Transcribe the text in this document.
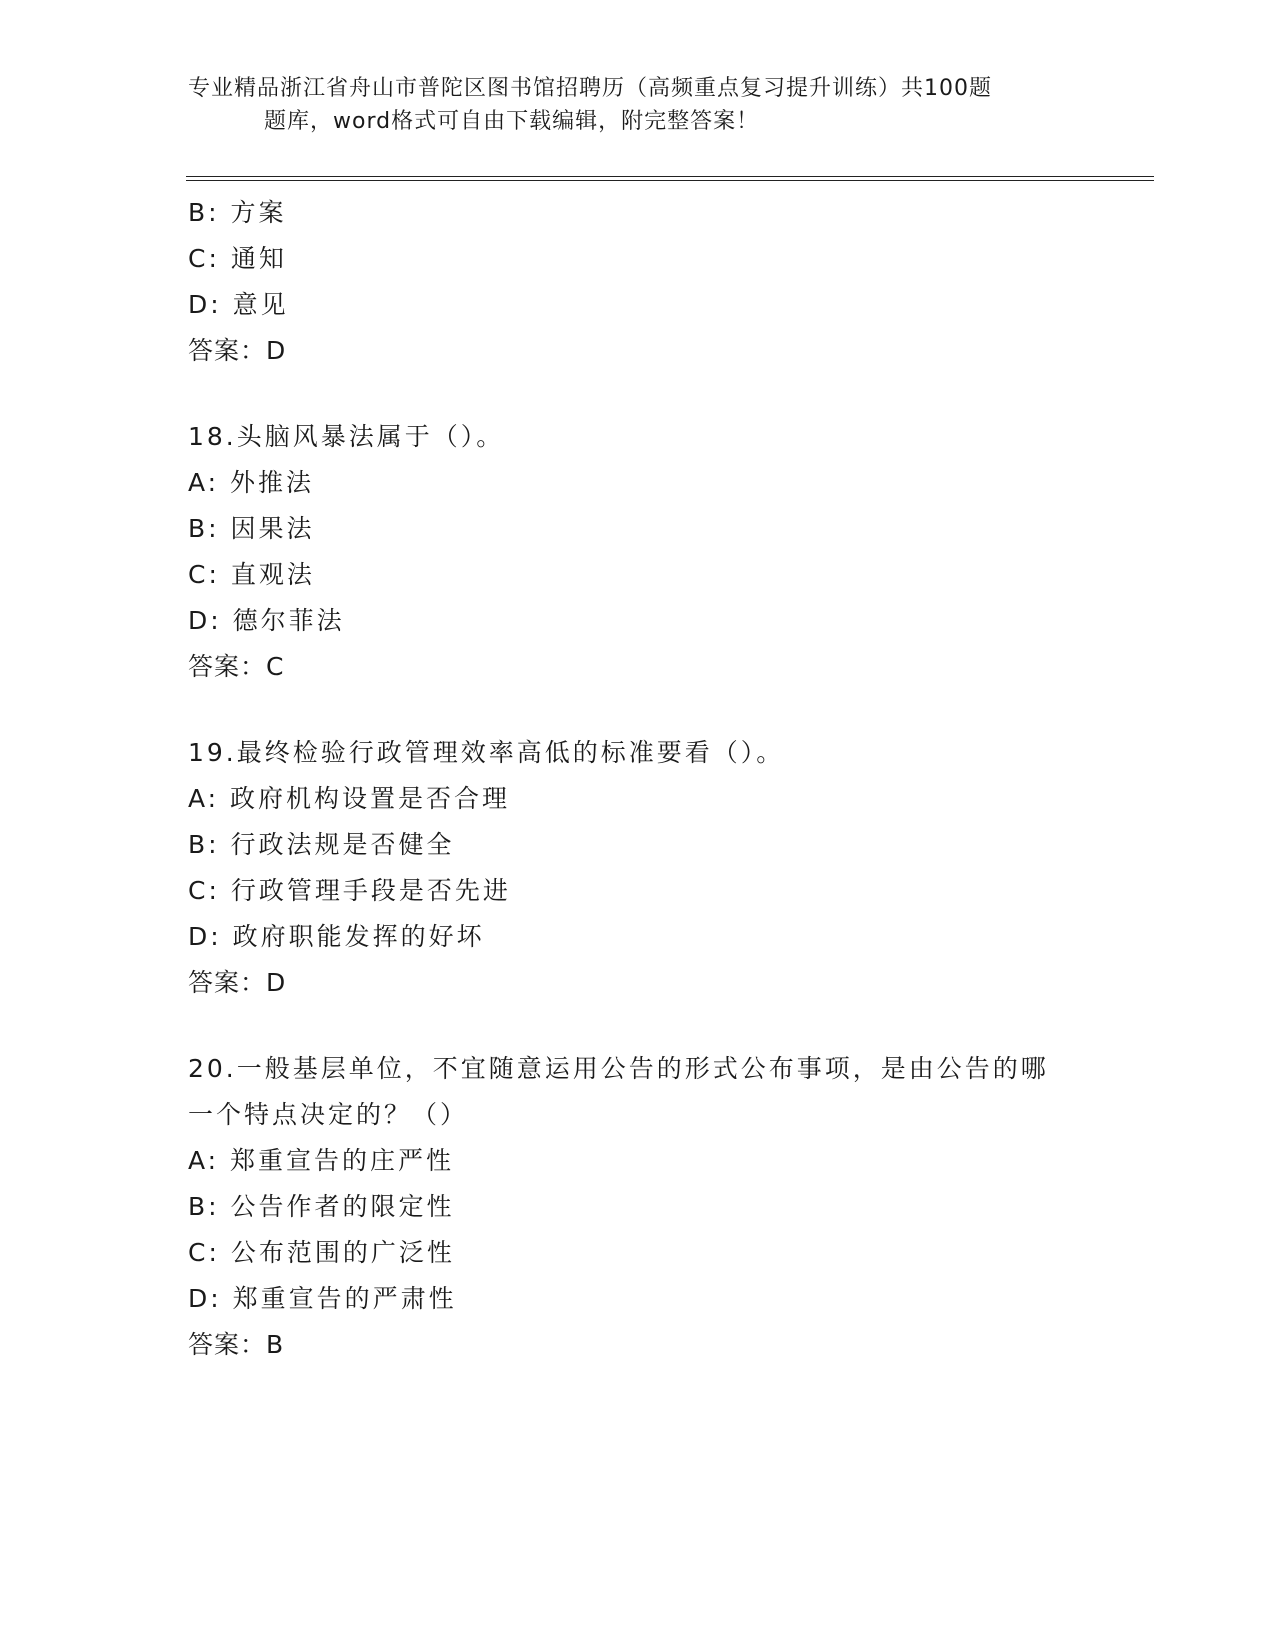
专业精品浙江省舟山市普陀区图书馆招聘历（高频重点复习提升训练）共100题
题库，word格式可自由下载编辑，附完整答案！
B: 方案
C: 通知
D: 意见
答案：D
18.头脑风暴法属于（）。
A: 外推法
B: 因果法
C: 直观法
D: 德尔菲法
答案：C
19.最终检验行政管理效率高低的标准要看（）。
A: 政府机构设置是否合理
B: 行政法规是否健全
C: 行政管理手段是否先进
D: 政府职能发挥的好坏
答案：D
20.一般基层单位，不宜随意运用公告的形式公布事项，是由公告的哪
一个特点决定的？（）
A: 郑重宣告的庄严性
B: 公告作者的限定性
C: 公布范围的广泛性
D: 郑重宣告的严肃性
答案：B
